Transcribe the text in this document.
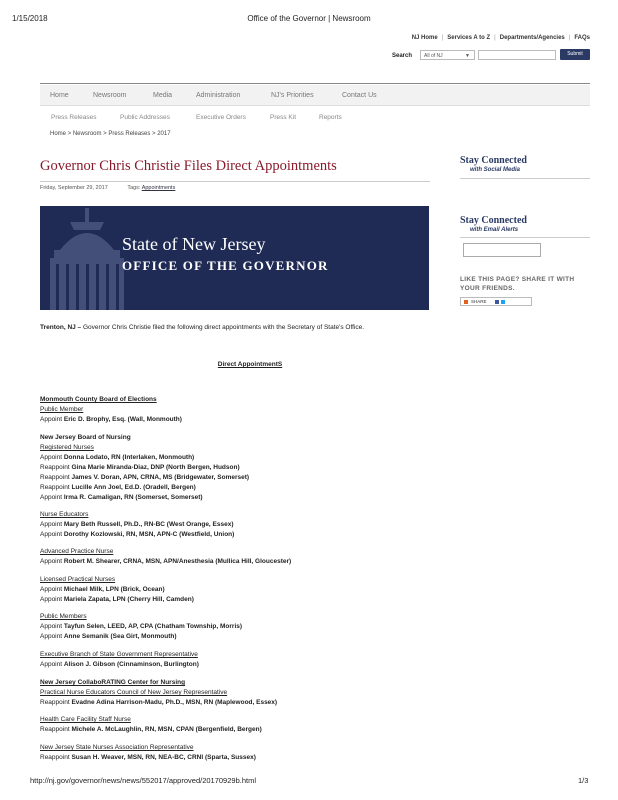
1/15/2018	Office of the Governor | Newsroom
NJ Home | Services A to Z | Departments/Agencies | FAQs
Search	All of NJ	▼	Submit
Home	Newsroom	Media	Administration	NJ's Priorities	Contact Us
Press Releases	Public Addresses	Executive Orders	Press Kit	Reports
Home > Newsroom > Press Releases > 2017
Governor Chris Christie Files Direct Appointments
Friday, September 29, 2017	Tags: Appointments
State of New Jersey
OFFICE OF THE GOVERNOR
Stay Connected
with Social Media
Stay Connected
with Email Alerts
LIKE THIS PAGE? SHARE IT WITH YOUR FRIENDS.
SHARE
Trenton, NJ – Governor Chris Christie filed the following direct appointments with the Secretary of State's Office.
Direct AppointmentS
Monmouth County Board of Elections
Public Member
Appoint Eric D. Brophy, Esq. (Wall, Monmouth)
New Jersey Board of Nursing
Registered Nurses
Appoint Donna Lodato, RN (Interlaken, Monmouth)
Reappoint Gina Marie Miranda-Diaz, DNP (North Bergen, Hudson)
Reappoint James V. Doran, APN, CRNA, MS (Bridgewater, Somerset)
Reappoint Lucille Ann Joel, Ed.D. (Oradell, Bergen)
Appoint Irma R. Camaligan, RN (Somerset, Somerset)
Nurse Educators
Appoint Mary Beth Russell, Ph.D., RN-BC (West Orange, Essex)
Appoint Dorothy Kozlowski, RN, MSN, APN-C (Westfield, Union)
Advanced Practice Nurse
Appoint Robert M. Shearer, CRNA, MSN, APN/Anesthesia (Mullica Hill, Gloucester)
Licensed Practical Nurses
Appoint Michael Milk, LPN (Brick, Ocean)
Appoint Mariela Zapata, LPN (Cherry Hill, Camden)
Public Members
Appoint Tayfun Selen, LEED, AP, CPA (Chatham Township, Morris)
Appoint Anne Semanik (Sea Girt, Monmouth)
Executive Branch of State Government Representative
Appoint Alison J. Gibson (Cinnaminson, Burlington)
New Jersey CollaboRATING Center for Nursing
Practical Nurse Educators Council of New Jersey Representative
Reappoint Evadne Adina Harrison-Madu, Ph.D., MSN, RN (Maplewood, Essex)
Health Care Facility Staff Nurse
Reappoint Michele A. McLaughlin, RN, MSN, CPAN (Bergenfield, Bergen)
New Jersey State Nurses Association Representative
Reappoint Susan H. Weaver, MSN, RN, NEA-BC, CRNI (Sparta, Sussex)
http://nj.gov/governor/news/news/552017/approved/20170929b.html	1/3
